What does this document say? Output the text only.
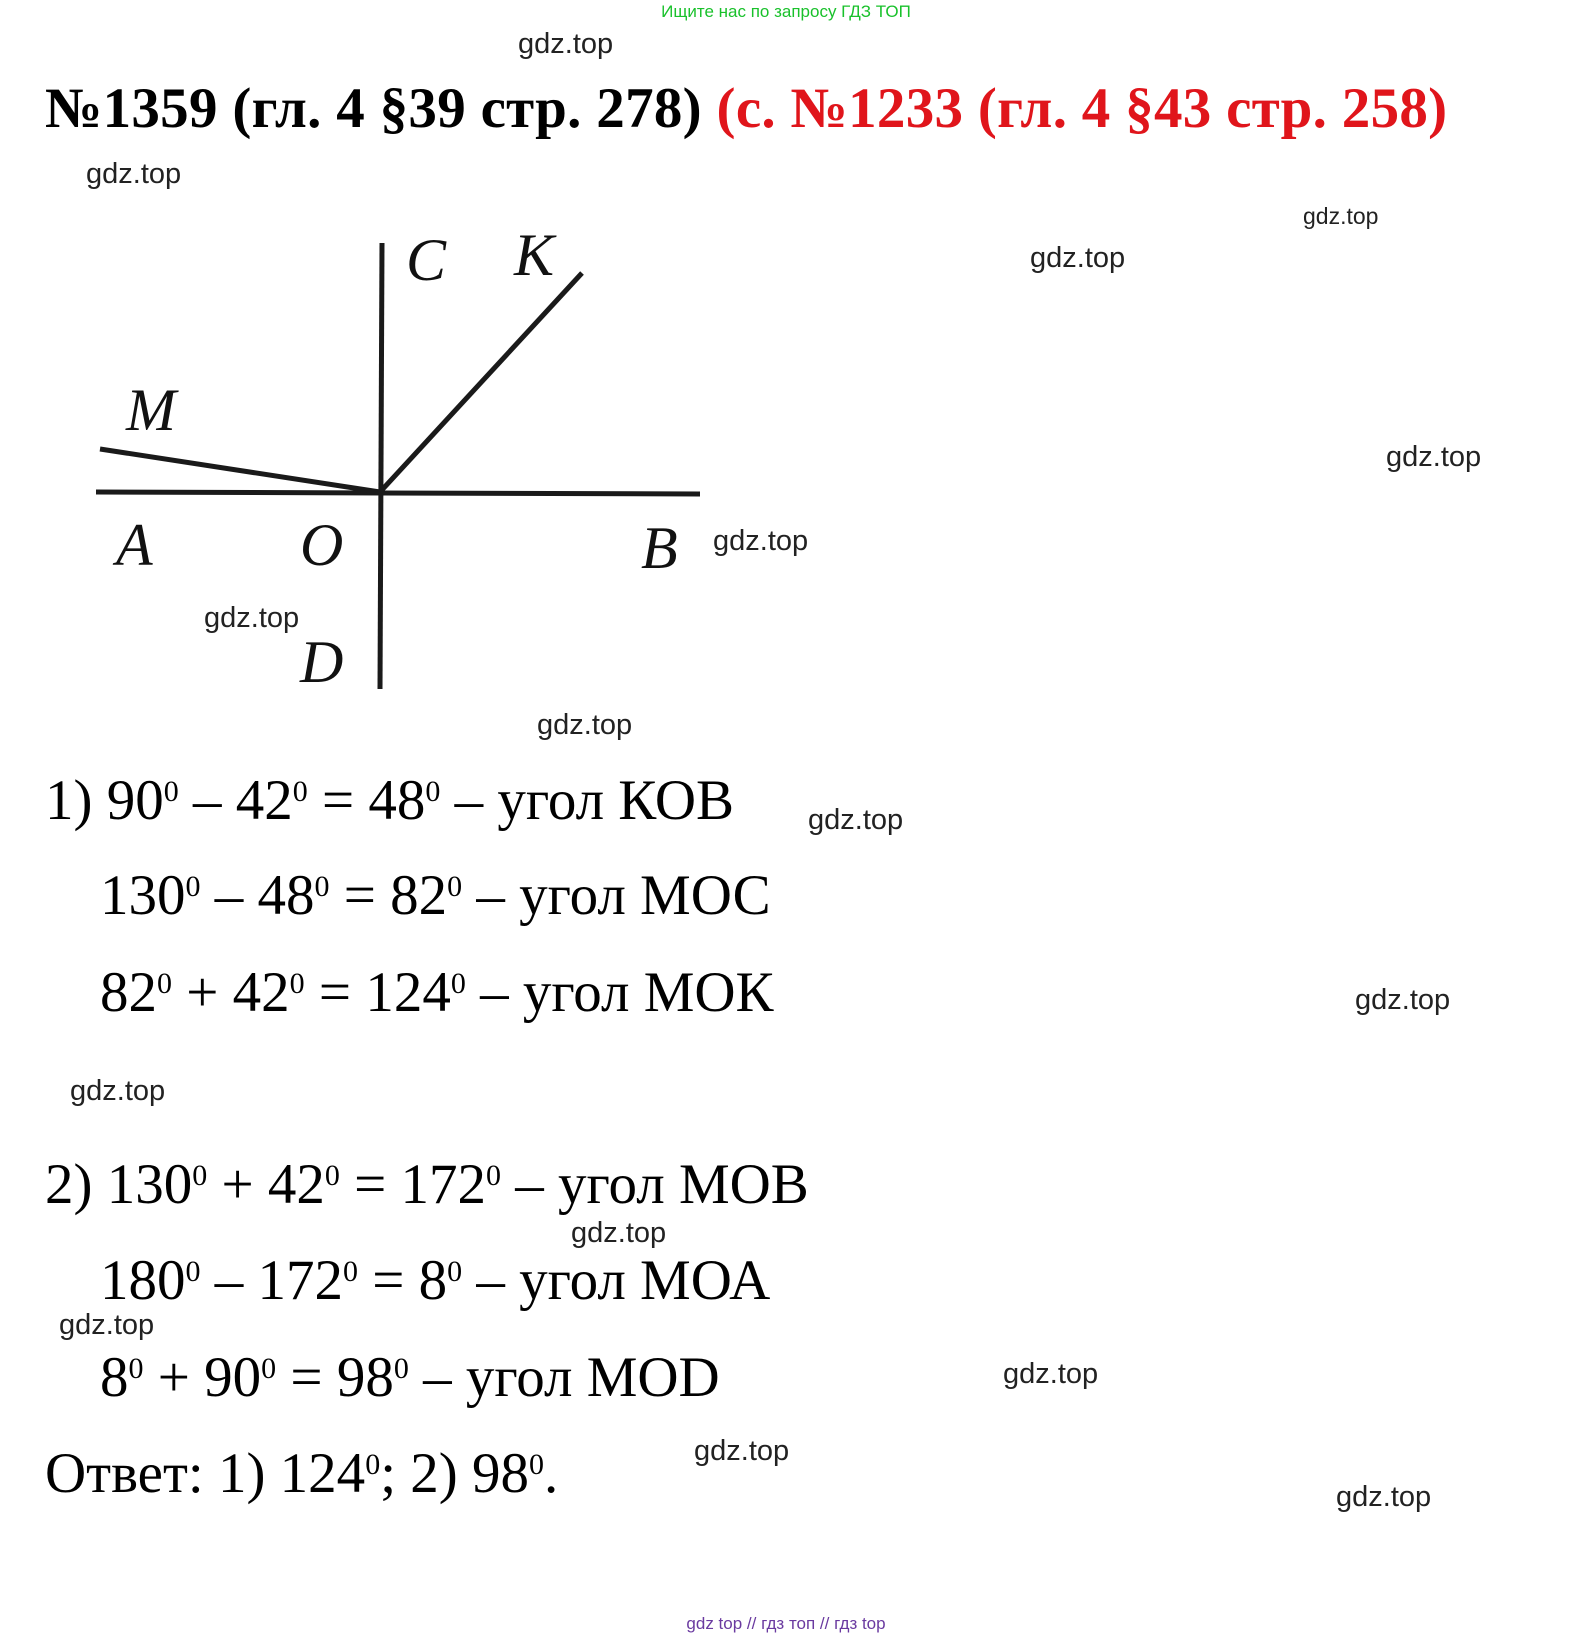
Ищите нас по запросу ГДЗ ТОП
№1359 (гл. 4 §39 стр. 278) (с. №1233 (гл. 4 §43 стр. 258)
C K
M
A O	B
D
1) $90^0 - 42^0 = 48^0$ – угол КОВ
$130^0 - 48^0 = 82^0$ – угол МОС
$82^0 + 42^0 = 124^0$ – угол МОК
2) $130^0 + 42^0 = 172^0$ – угол МОВ
$180^0 - 172^0 = 8^0$ – угол МОА
$8^0 + 90^0 = 98^0$ – угол МОD
Ответ: 1) $124^0$; 2) $98^0$.
gdz.top
gdz.top
gdz.top
gdz.top
gdz.top
gdz.top
gdz.top
gdz.top
gdz.top
gdz.top
gdz.top
gdz.top
gdz.top
gdz.top
gdz.top
gdz.top
gdz top // гдз топ // гдз top
